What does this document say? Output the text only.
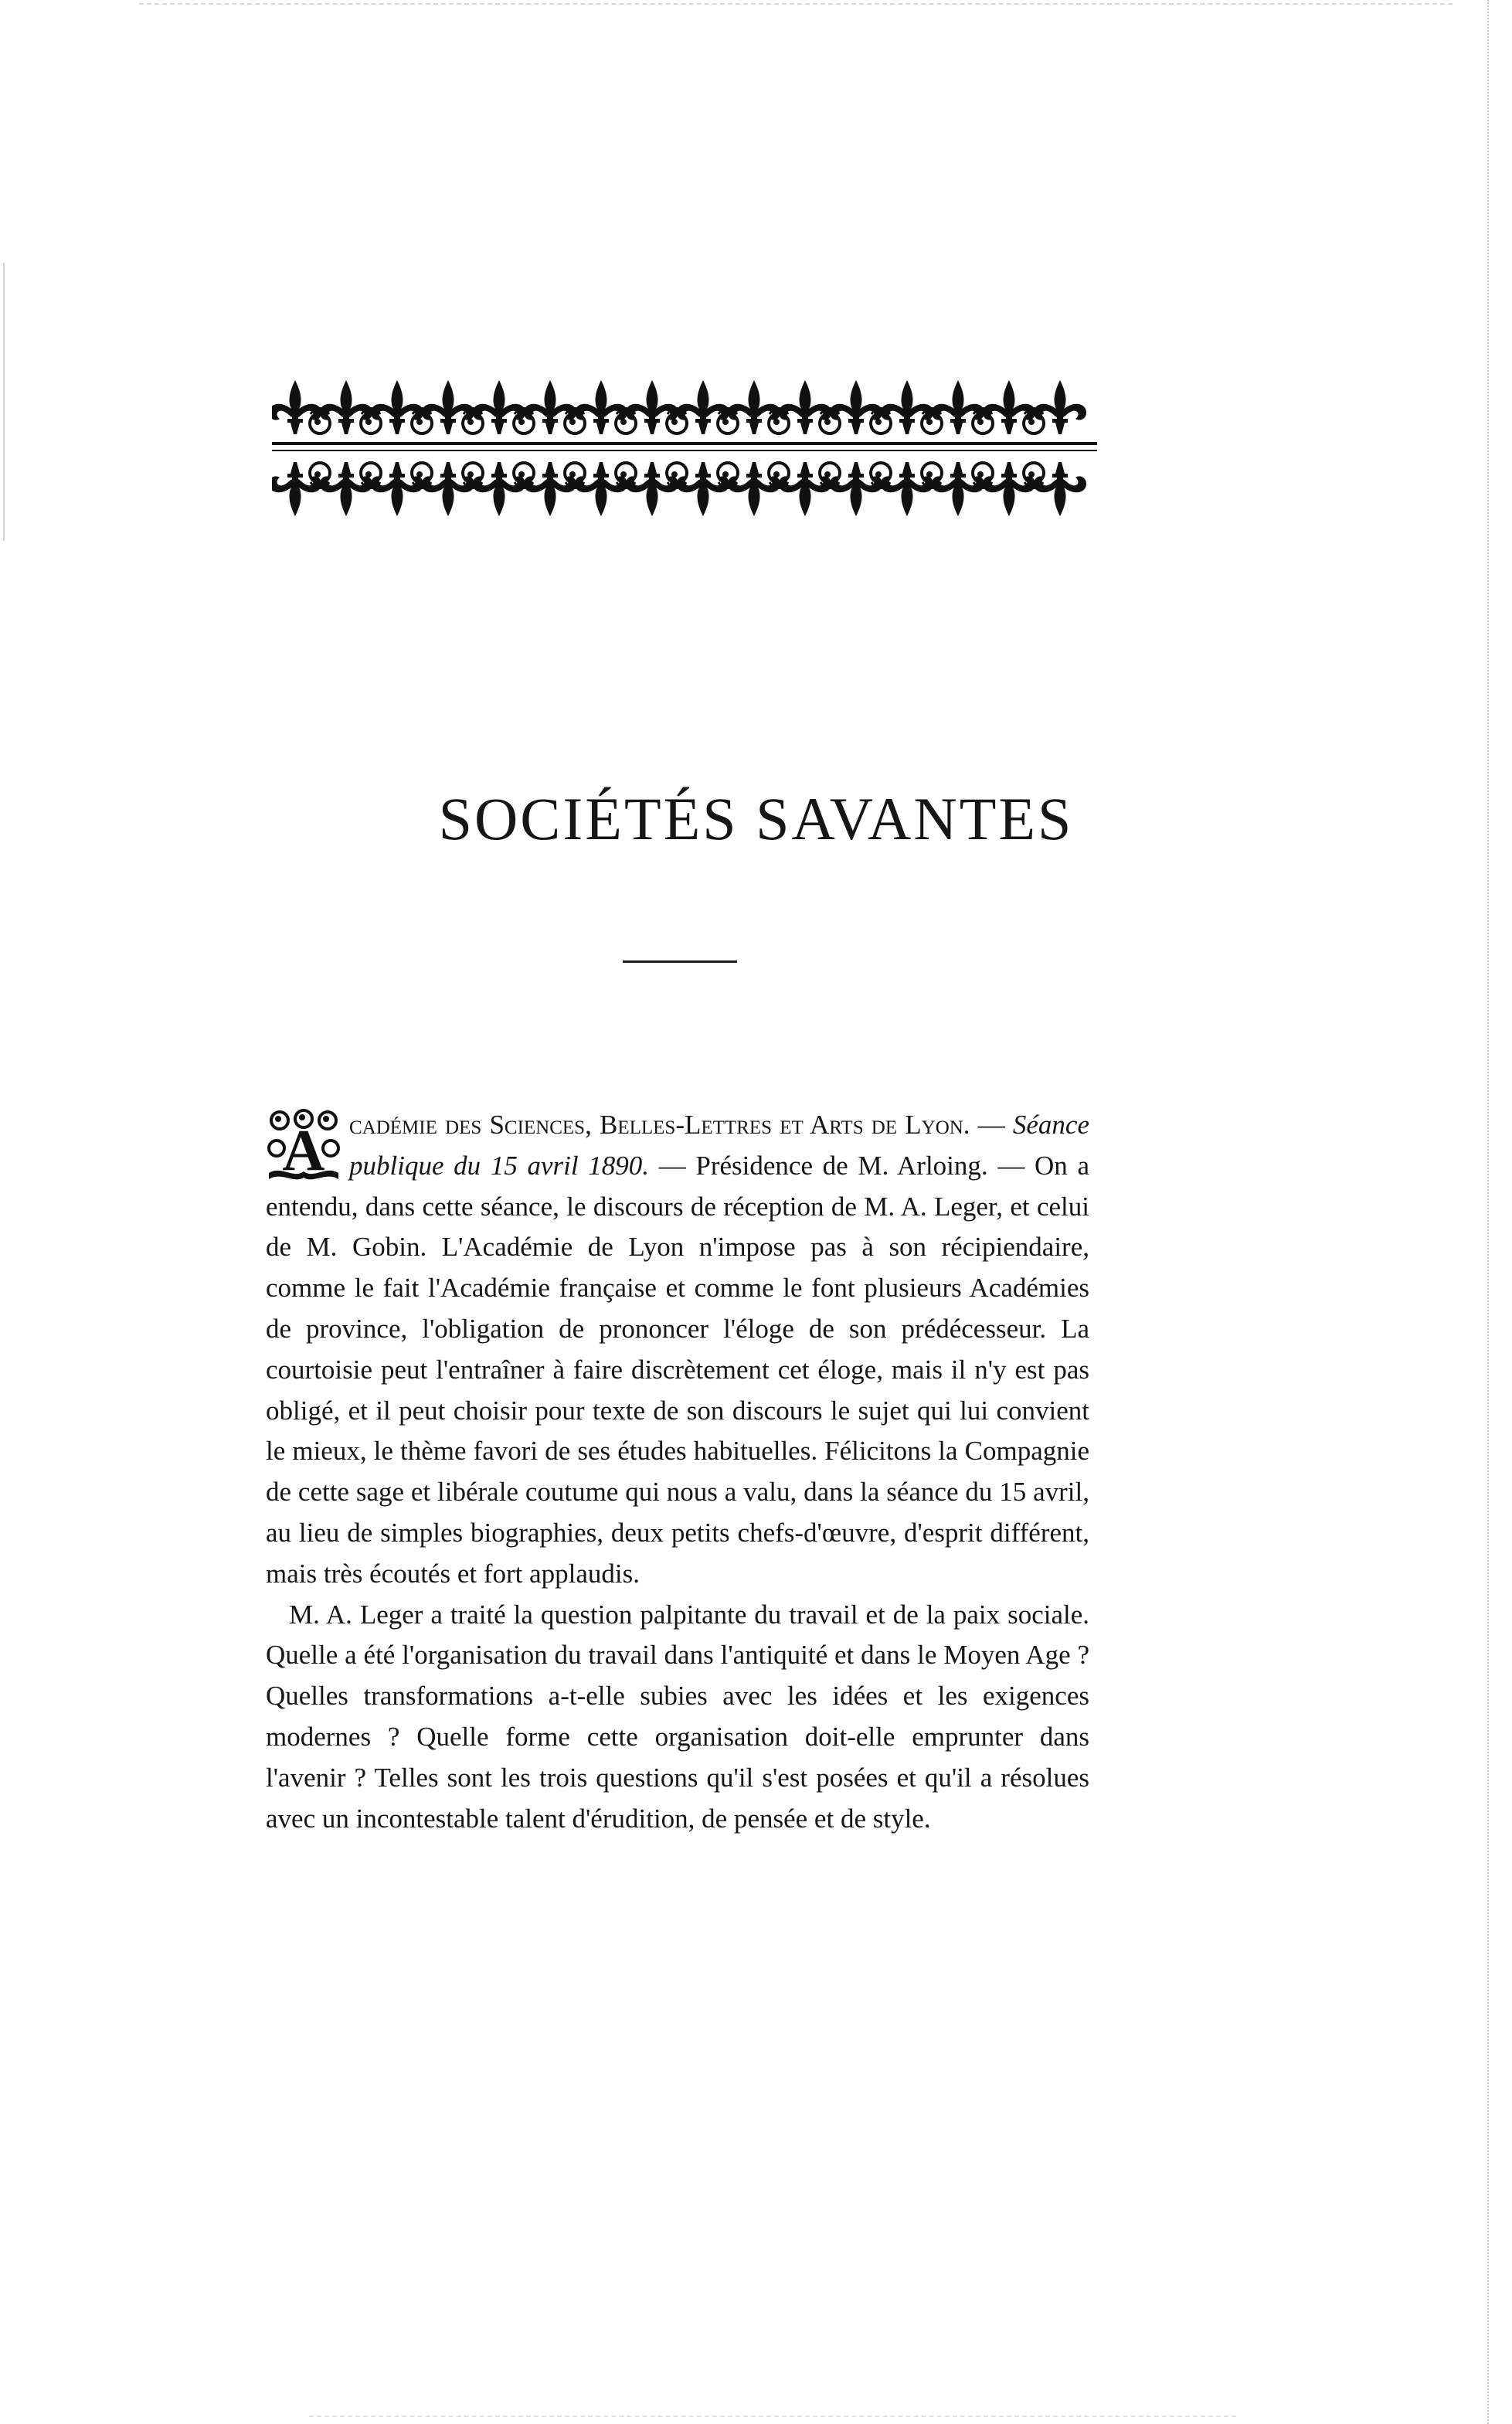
SOCIÉTÉS SAVANTES

A cadémie des Sciences, Belles-Lettres et Arts de Lyon. — Séance publique du 15 avril 1890. — Présidence de M. Arloing. — On a entendu, dans cette séance, le discours de réception de M. A. Leger, et celui de M. Gobin. L'Académie de Lyon n'impose pas à son récipiendaire, comme le fait l'Académie française et comme le font plusieurs Académies de province, l'obligation de prononcer l'éloge de son prédécesseur. La courtoisie peut l'entraîner à faire discrètement cet éloge, mais il n'y est pas obligé, et il peut choisir pour texte de son discours le sujet qui lui convient le mieux, le thème favori de ses études habituelles. Félicitons la Compagnie de cette sage et libérale coutume qui nous a valu, dans la séance du 15 avril, au lieu de simples biographies, deux petits chefs-d'œuvre, d'esprit différent, mais très écoutés et fort applaudis.

M. A. Leger a traité la question palpitante du travail et de la paix sociale. Quelle a été l'organisation du travail dans l'antiquité et dans le Moyen Age ? Quelles transformations a-t-elle subies avec les idées et les exigences modernes ? Quelle forme cette organisation doit-elle emprunter dans l'avenir ? Telles sont les trois questions qu'il s'est posées et qu'il a résolues avec un incontestable talent d'érudition, de pensée et de style.
